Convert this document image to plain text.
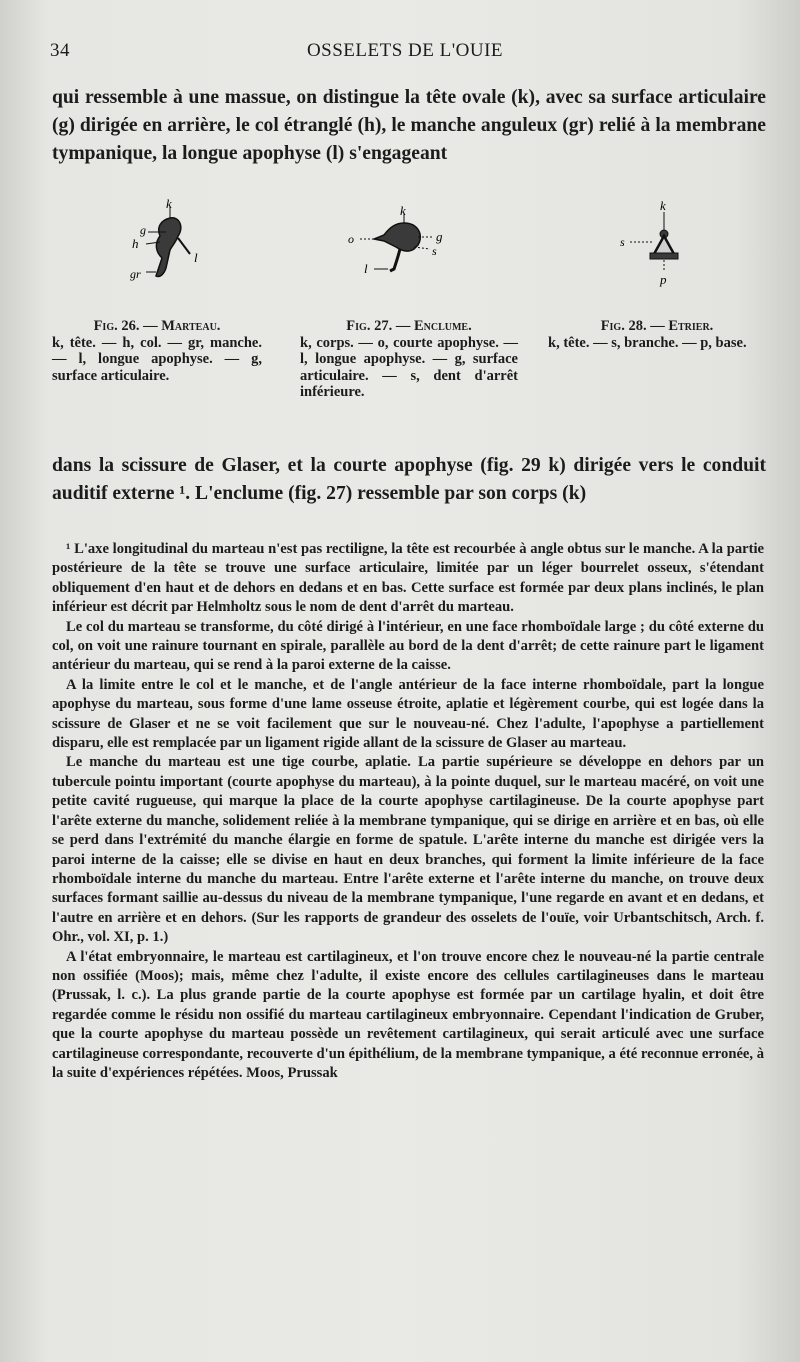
34	OSSELETS DE L'OUIE
qui ressemble à une massue, on distingue la tête ovale (k), avec sa surface articulaire (g) dirigée en arrière, le col étranglé (h), le manche anguleux (gr) relié à la membrane tympanique, la longue apophyse (l) s'engageant
k
g
h
l
gr
k
o	g
s
l
k
s
p
Fig. 26. — Marteau.
k, tête. — h, col. — gr, manche. — l, longue apophyse. — g, surface articulaire.
Fig. 27. — Enclume.
k, corps. — o, courte apophyse. — l, longue apophyse. — g, surface articulaire. — s, dent d'arrêt inférieure.
Fig. 28. — Etrier.
k, tête. — s, branche. — p, base.
dans la scissure de Glaser, et la courte apophyse (fig. 29 k) dirigée vers le conduit auditif externe ¹. L'enclume (fig. 27) ressemble par son corps (k)

¹ L'axe longitudinal du marteau n'est pas rectiligne, la tête est recourbée à angle obtus sur le manche. A la partie postérieure de la tête se trouve une surface articulaire, limitée par un léger bourrelet osseux, s'étendant obliquement d'en haut et de dehors en dedans et en bas. Cette surface est formée par deux plans inclinés, le plan inférieur est décrit par Helmholtz sous le nom de dent d'arrêt du marteau.

Le col du marteau se transforme, du côté dirigé à l'intérieur, en une face rhomboïdale large ; du côté externe du col, on voit une rainure tournant en spirale, parallèle au bord de la dent d'arrêt; de cette rainure part le ligament antérieur du marteau, qui se rend à la paroi externe de la caisse.

A la limite entre le col et le manche, et de l'angle antérieur de la face interne rhomboïdale, part la longue apophyse du marteau, sous forme d'une lame osseuse étroite, aplatie et légèrement courbe, qui est logée dans la scissure de Glaser et ne se voit facilement que sur le nouveau-né. Chez l'adulte, l'apophyse a partiellement disparu, elle est remplacée par un ligament rigide allant de la scissure de Glaser au marteau.

Le manche du marteau est une tige courbe, aplatie. La partie supérieure se développe en dehors par un tubercule pointu important (courte apophyse du marteau), à la pointe duquel, sur le marteau macéré, on voit une petite cavité rugueuse, qui marque la place de la courte apophyse cartilagineuse. De la courte apophyse part l'arête externe du manche, solidement reliée à la membrane tympanique, qui se dirige en arrière et en bas, où elle se perd dans l'extrémité du manche élargie en forme de spatule. L'arête interne du manche est dirigée vers la paroi interne de la caisse; elle se divise en haut en deux branches, qui forment la limite inférieure de la face rhomboïdale interne du manche du marteau. Entre l'arête externe et l'arête interne du manche, on trouve deux surfaces formant saillie au-dessus du niveau de la membrane tympanique, l'une regarde en avant et en dedans, et l'autre en arrière et en dehors. (Sur les rapports de grandeur des osselets de l'ouïe, voir Urbantschitsch, Arch. f. Ohr., vol. XI, p. 1.)

A l'état embryonnaire, le marteau est cartilagineux, et l'on trouve encore chez le nouveau-né la partie centrale non ossifiée (Moos); mais, même chez l'adulte, il existe encore des cellules cartilagineuses dans le marteau (Prussak, l. c.). La plus grande partie de la courte apophyse est formée par un cartilage hyalin, et doit être regardée comme le résidu non ossifié du marteau cartilagineux embryonnaire. Cependant l'indication de Gruber, que la courte apophyse du marteau possède un revêtement cartilagineux, qui serait articulé avec une surface cartilagineuse correspondante, recouverte d'un épithélium, de la membrane tympanique, a été reconnue erronée, à la suite d'expériences répétées. Moos, Prussak
